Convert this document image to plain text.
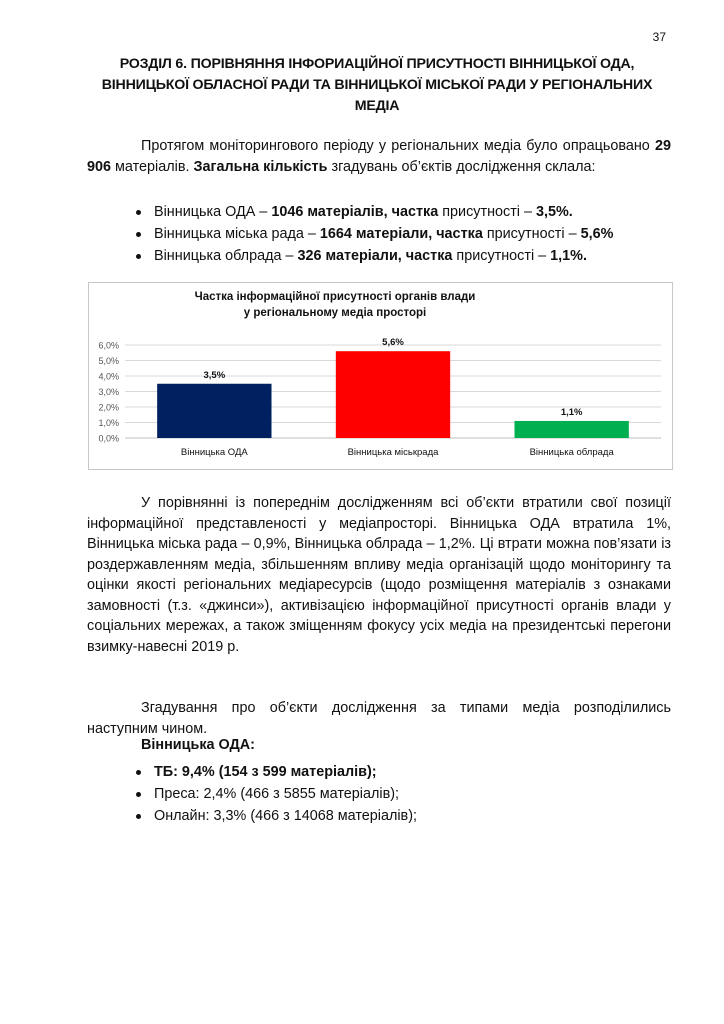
37
РОЗДІЛ 6. ПОРІВНЯННЯ ІНФОРИАЦІЙНОЇ ПРИСУТНОСТІ ВІННИЦЬКОЇ ОДА,
ВІННИЦЬКОЇ ОБЛАСНОЇ РАДИ ТА ВІННИЦЬКОЇ МІСЬКОЇ РАДИ У РЕГІОНАЛЬНИХ
МЕДІА

Протягом моніторингового періоду у регіональних медіа було опрацьовано 29 906 матеріалів. Загальна кількість згадувань об’єктів дослідження склала:

Вінницька ОДА – 1046 матеріалів, частка присутності – 3,5%.
Вінницька міська рада – 1664 матеріали, частка присутності – 5,6%
Вінницька облрада – 326 матеріали, частка присутності – 1,1%.
Частка інформаційної присутності органів влади
у регіональному медіа просторі
0,0%
1,0%
2,0%
3,0%
4,0%
5,0%
6,0%
3,5%
5,6%
1,1%
Вінницька ОДА	Вінницька міськрада	Вінницька облрада

У порівнянні із попереднім дослідженням всі об’єкти втратили свої позиції інформаційної представленості у медіапросторі. Вінницька ОДА втратила 1%, Вінницька міська рада – 0,9%, Вінницька облрада – 1,2%. Ці втрати можна пов’язати із роздержавленням медіа, збільшенням впливу медіа організацій щодо моніторингу та оцінки якості регіональних медіаресурсів (щодо розміщення матеріалів з ознаками замовності (т.з. «джинси»), активізацією інформаційної присутності органів влади у соціальних мережах, а також зміщенням фокусу усіх медіа на президентські перегони взимку-навесні 2019 р.

Згадування про об’єкти дослідження за типами медіа розподілились наступним чином.

Вінницька ОДА:
ТБ: 9,4% (154 з 599 матеріалів);
Преса: 2,4% (466 з 5855 матеріалів);
Онлайн: 3,3% (466 з 14068 матеріалів);
